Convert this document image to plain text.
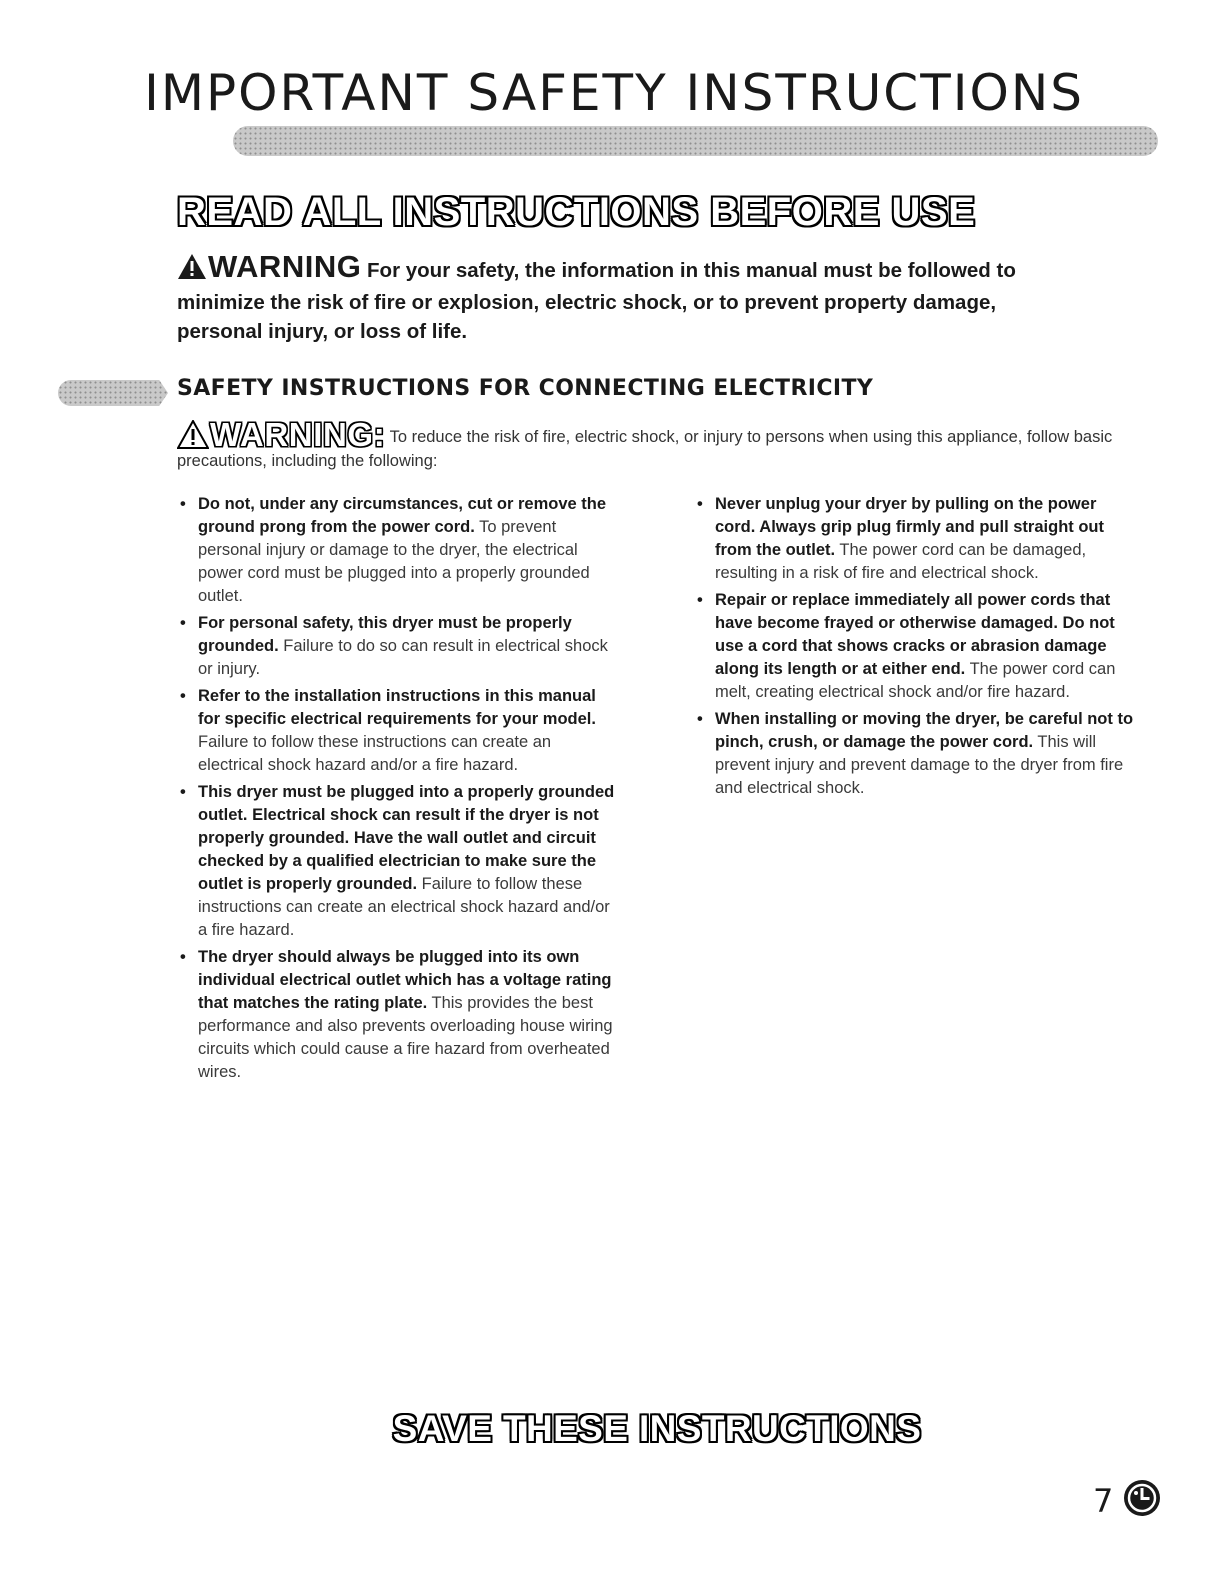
IMPORTANT SAFETY INSTRUCTIONS
READ ALL INSTRUCTIONS BEFORE USE
WARNING For your safety, the information in this manual must be followed to minimize the risk of fire or explosion, electric shock, or to prevent property damage, personal injury, or loss of life.
SAFETY INSTRUCTIONS FOR CONNECTING ELECTRICITY
WARNING: To reduce the risk of fire, electric shock, or injury to persons when using this appliance, follow basic precautions, including the following:
• Do not, under any circumstances, cut or remove the ground prong from the power cord. To prevent personal injury or damage to the dryer, the electrical power cord must be plugged into a properly grounded outlet.
• For personal safety, this dryer must be properly grounded. Failure to do so can result in electrical shock or injury.
• Refer to the installation instructions in this manual for specific electrical requirements for your model. Failure to follow these instructions can create an electrical shock hazard and/or a fire hazard.
• This dryer must be plugged into a properly grounded outlet. Electrical shock can result if the dryer is not properly grounded. Have the wall outlet and circuit checked by a qualified electrician to make sure the outlet is properly grounded. Failure to follow these instructions can create an electrical shock hazard and/or a fire hazard.
• The dryer should always be plugged into its own individual electrical outlet which has a voltage rating that matches the rating plate. This provides the best performance and also prevents overloading house wiring circuits which could cause a fire hazard from overheated wires.
• Never unplug your dryer by pulling on the power cord. Always grip plug firmly and pull straight out from the outlet. The power cord can be damaged, resulting in a risk of fire and electrical shock.
• Repair or replace immediately all power cords that have become frayed or otherwise damaged. Do not use a cord that shows cracks or abrasion damage along its length or at either end. The power cord can melt, creating electrical shock and/or fire hazard.
• When installing or moving the dryer, be careful not to pinch, crush, or damage the power cord. This will prevent injury and prevent damage to the dryer from fire and electrical shock.
SAVE THESE INSTRUCTIONS
7
